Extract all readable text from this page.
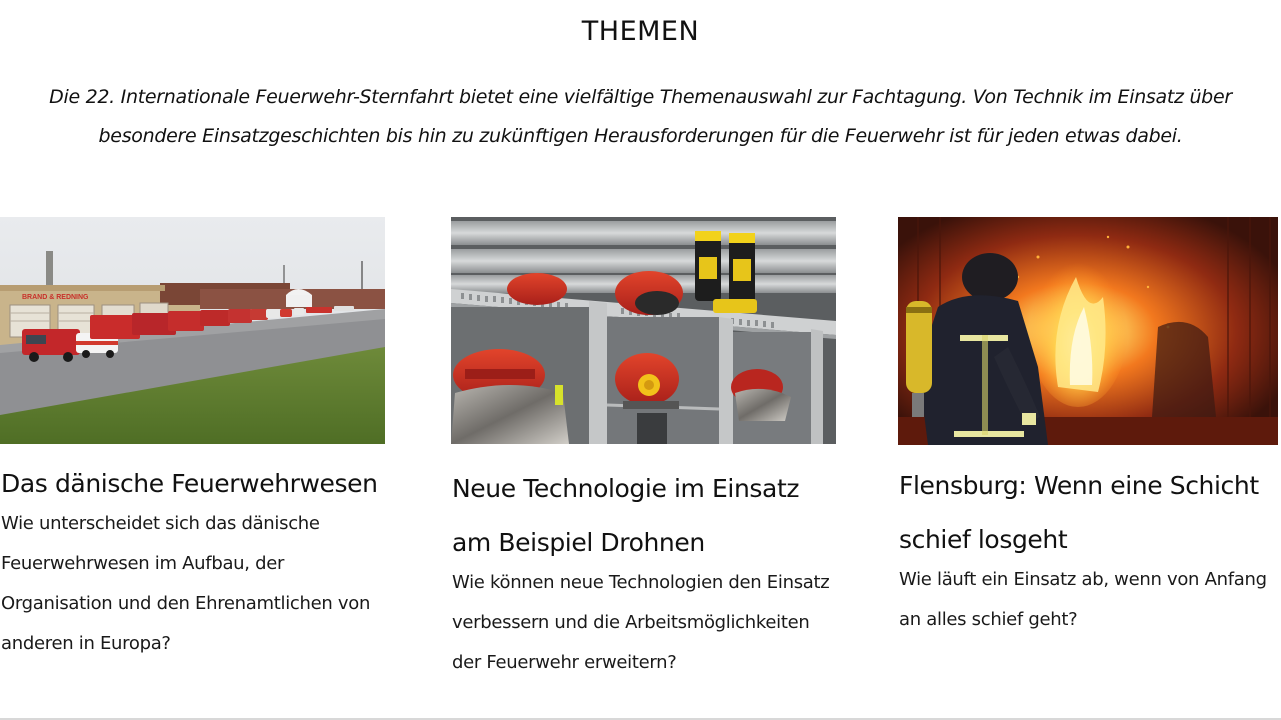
THEMEN

Die 22. Internationale Feuerwehr-Sternfahrt bietet eine vielfältige Themenauswahl zur Fachtagung. Von Technik im Einsatz über besondere Einsatzgeschichten bis hin zu zukünftigen Herausforderungen für die Feuerwehr ist für jeden etwas dabei.

BRAND & REDNING
Das dänische Feuerwehrwesen

Wie unterscheidet sich das dänische Feuerwehrwesen im Aufbau, der Organisation und den Ehrenamtlichen von anderen in Europa?

Neue Technologie im Einsatz am Beispiel Drohnen

Wie können neue Technologien den Einsatz verbessern und die Arbeitsmöglichkeiten der Feuerwehr erweitern?

Flensburg: Wenn eine Schicht schief losgeht

Wie läuft ein Einsatz ab, wenn von Anfang an alles schief geht?
